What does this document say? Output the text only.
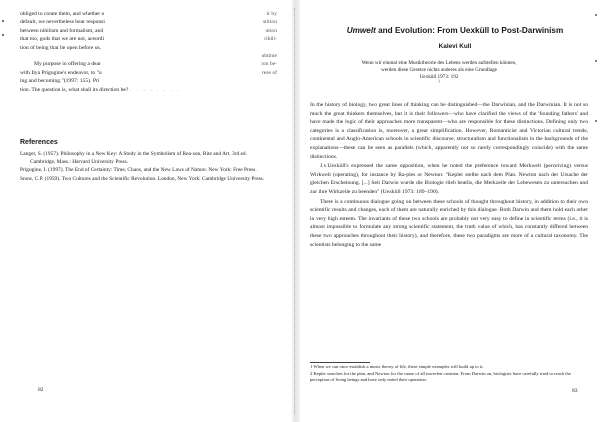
obliged to create them, and whether o
default, we nevertheless bear responsi
between nihilism and formalism, and
that too, gods that we are not, aceordi
tion of being that lie open before us.
My purpose in offering a dear
with Ilya Prigogine's endeavor, to "u
ing and becoming."(1997: 155). Pri
tion. The question is, what shall its direction be? . . . . . . . .
ir by
stition
ution
ribili-
ubtime
ion be-
rese of
References

Langer, S. (1957). Philosophy in a New Key: A Study in the Symbolism of Rea-son, Rite and Art. 3rd ed. Cambridge, Mass.: Harvard University Press.

Prigogine, I. (1997). The End of Certainty: Time, Chaos, and the New Laws of Nature. New York: Free Press.

Snow, C.P. (1959). Two Cultures and the Scientific Revolution. London, New York: Cambridge University Press.

82
Umwelt and Evolution: From Uexküll to Post-Darwinism
Kalevi Kull
Wenn wir einmal eine Musiktheorie des Lebens werden aufstellen können,
werden diese Gesetze nichts anderes als eine Grundlage
Uexküll 1973: 192
$^1$

In the history of biology, two great lines of thinking can be distinguished—the Darwinian, and the Darwinian. It is not so much the great thinkers themselves, but it is their followers—who have clarified the views of the 'founding fathers' and have made the logic of their approaches more transparent—who are responsible for these distinctions. Defining only two categories is a classification is, moreover, a great simplification. However, Romanticist and Victorian cultural trends, continental and Anglo-American schools in scientific discourse, structuralism and functionalism in the backgrounds of the explanations—these can be seen as parallels (which, apparently not so rarely correspondingly coincide) with the same distinctions.

J.v.Uexküll's expressed the same opposition, when he noted the preference toward Merkwelt (perceiving) versus Wirkwelt (operating), for instance by Ra-ples or Newton: "Kepler stellte nach dem Plan. Newton nach der Ursache der gleichen Erscheinung. [...] Seit Darwin wurde die Biologie rlieb beatlis, die Merkzeile der Lebewesen zu untersuchen und zur ihre Wirkzeile zu beenden" (Uexküll 1973: 189–190).

There is a continuous dialogue going on between these schools of thought throughout history, in addition to their own scientific results and changes, each of them are naturally enriched by this dialogue. Both Darwin and them hold each other in very high esteem. The invariants of these two schools are probably not very easy to define in scientific terms (i.e., it is almost impossible to formulate any strong scientific statement, the truth value of which, has constantly differed between these two approaches throughout their history), and therefore, these two paradigms are more of a cultural taxonomy. The scientists belonging to the same

1 When we can once establish a music theory of life, these simple examples will build up to it.

2 Kepler searches for the plan, and Newton for the cause of all inwerfen creation. From Darwin on, biologists have carefully tried to reach the perception of living beings and have only noted their operation.

83
